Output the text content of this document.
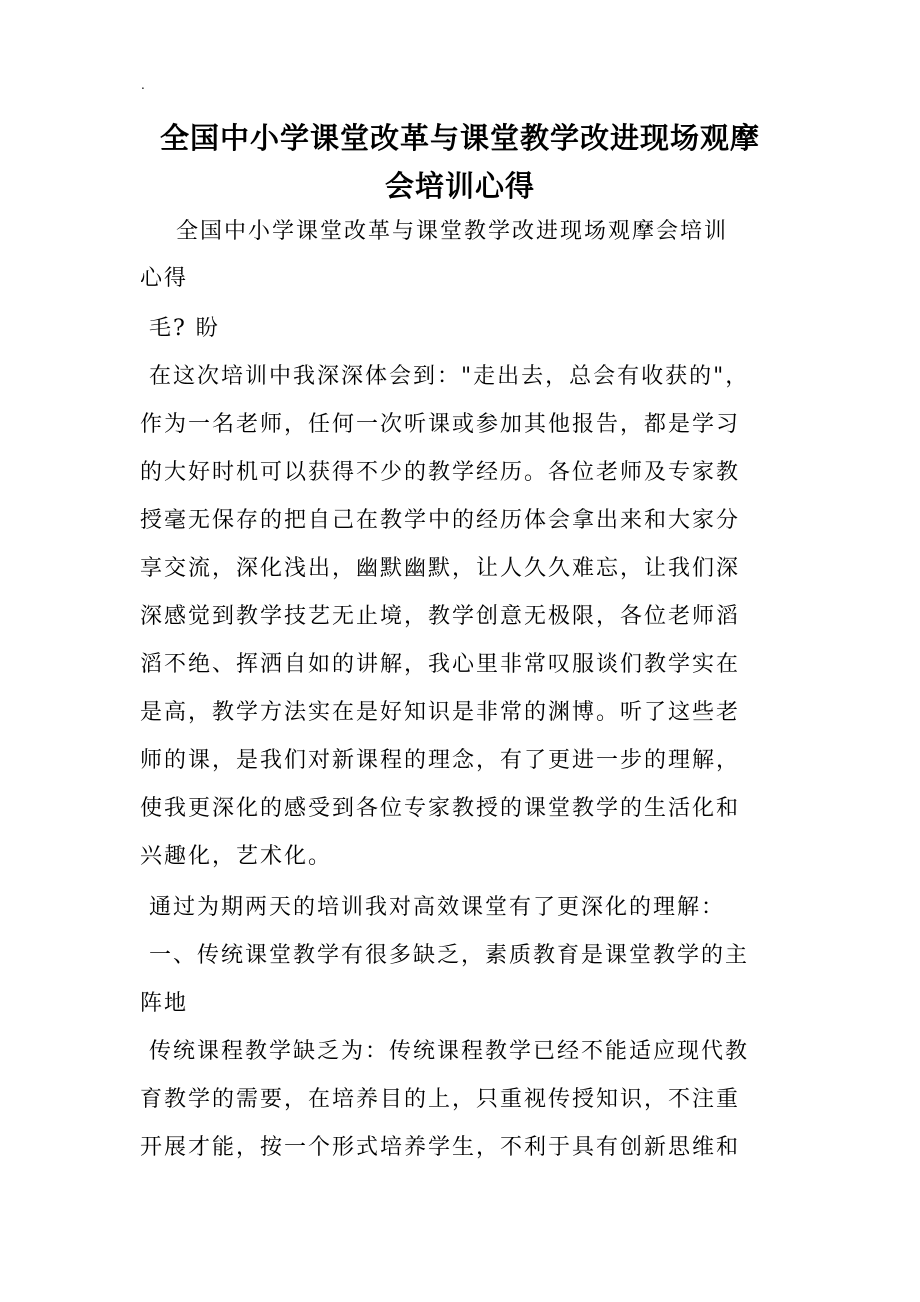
.
全国中小学课堂改革与课堂教学改进现场观摩
会培训心得
全国中小学课堂改革与课堂教学改进现场观摩会培训
心得
毛? 盼
在这次培训中我深深体会到："走出去，总会有收获的"，
作为一名老师，任何一次听课或参加其他报告，都是学习
的大好时机可以获得不少的教学经历。各位老师及专家教
授毫无保存的把自己在教学中的经历体会拿出来和大家分
享交流，深化浅出，幽默幽默，让人久久难忘，让我们深
深感觉到教学技艺无止境，教学创意无极限，各位老师滔
滔不绝、挥洒自如的讲解，我心里非常叹服谈们教学实在
是高，教学方法实在是好知识是非常的渊博。听了这些老
师的课，是我们对新课程的理念，有了更进一步的理解，
使我更深化的感受到各位专家教授的课堂教学的生活化和
兴趣化，艺术化。
通过为期两天的培训我对高效课堂有了更深化的理解：
一、传统课堂教学有很多缺乏，素质教育是课堂教学的主
阵地
传统课程教学缺乏为：传统课程教学已经不能适应现代教
育教学的需要，在培养目的上，只重视传授知识，不注重
开展才能，按一个形式培养学生，不利于具有创新思维和
